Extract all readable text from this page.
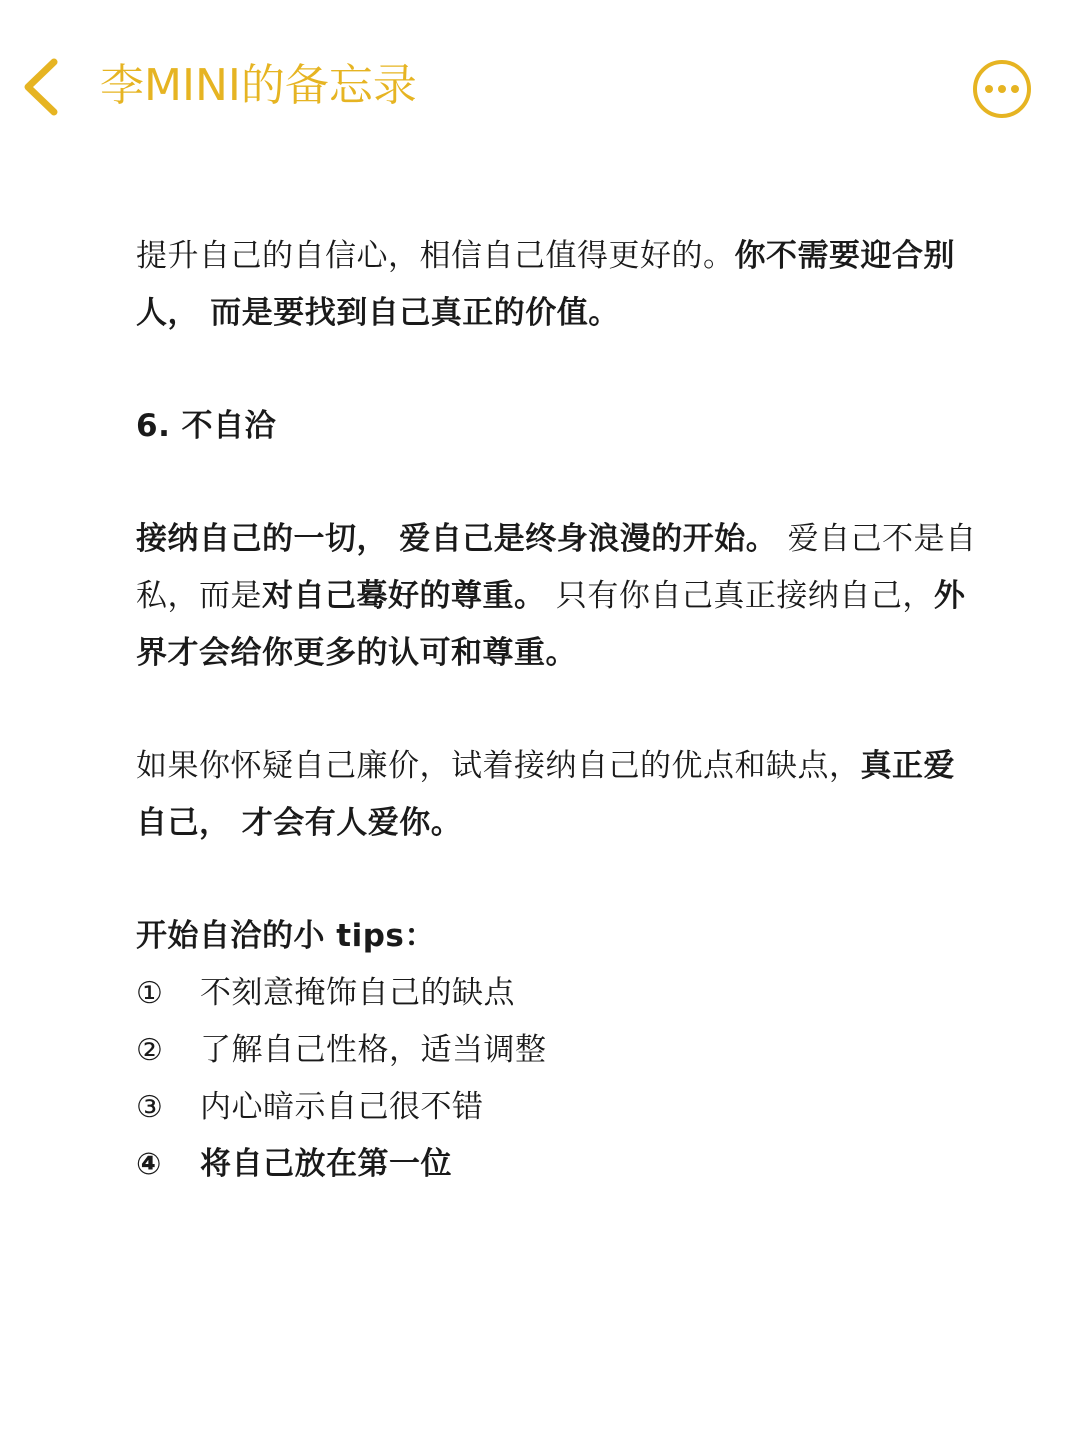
李MINI的备忘录

提升自己的自信心，相信自己值得更好的。你不需要迎合别人， 而是要找到自己真正的价值。

6. 不自洽

接纳自己的一切， 爱自己是终身浪漫的开始。 爱自己不是自私，而是对自己蓦好的尊重。 只有你自己真正接纳自己，外界才会给你更多的认可和尊重。

如果你怀疑自己廉价，试着接纳自己的优点和缺点，真正爱自己， 才会有人爱你。

开始自洽的小 tips：

①	不刻意掩饰自己的缺点
②	了解自己性格，适当调整
③	内心暗示自己很不错
④	将自己放在第一位
